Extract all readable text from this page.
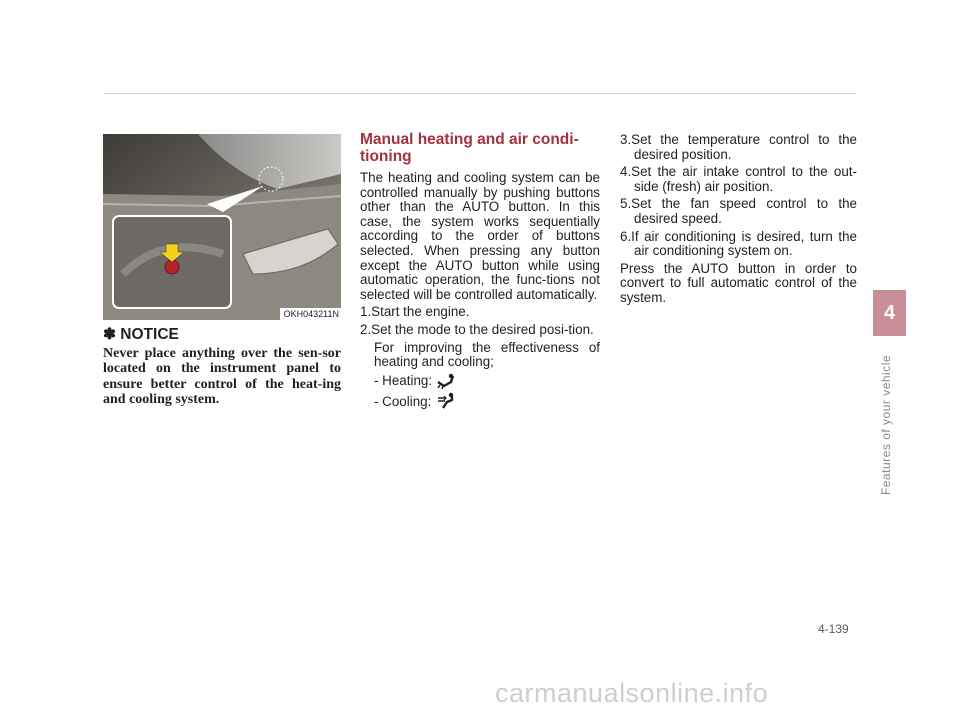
OKH043211N
✽ NOTICE

Never place anything over the sen-sor located on the instrument panel to ensure better control of the heat-ing and cooling system.

Manual heating and air condi-tioning

The heating and cooling system can be controlled manually by pushing buttons other than the AUTO button. In this case, the system works sequentially according to the order of buttons selected. When pressing any button except the AUTO button while using automatic operation, the func-tions not selected will be controlled automatically.

1.Start the engine.

2.Set the mode to the desired posi-tion.

For improving the effectiveness of heating and cooling;

- Heating:
- Cooling:

3.Set the temperature control to the desired position.

4.Set the air intake control to the out-side (fresh) air position.

5.Set the fan speed control to the desired speed.

6.If air conditioning is desired, turn the air conditioning system on.

Press the AUTO button in order to convert to full automatic control of the system.

4
Features of your vehicle
4-139
carmanualsonline.info
